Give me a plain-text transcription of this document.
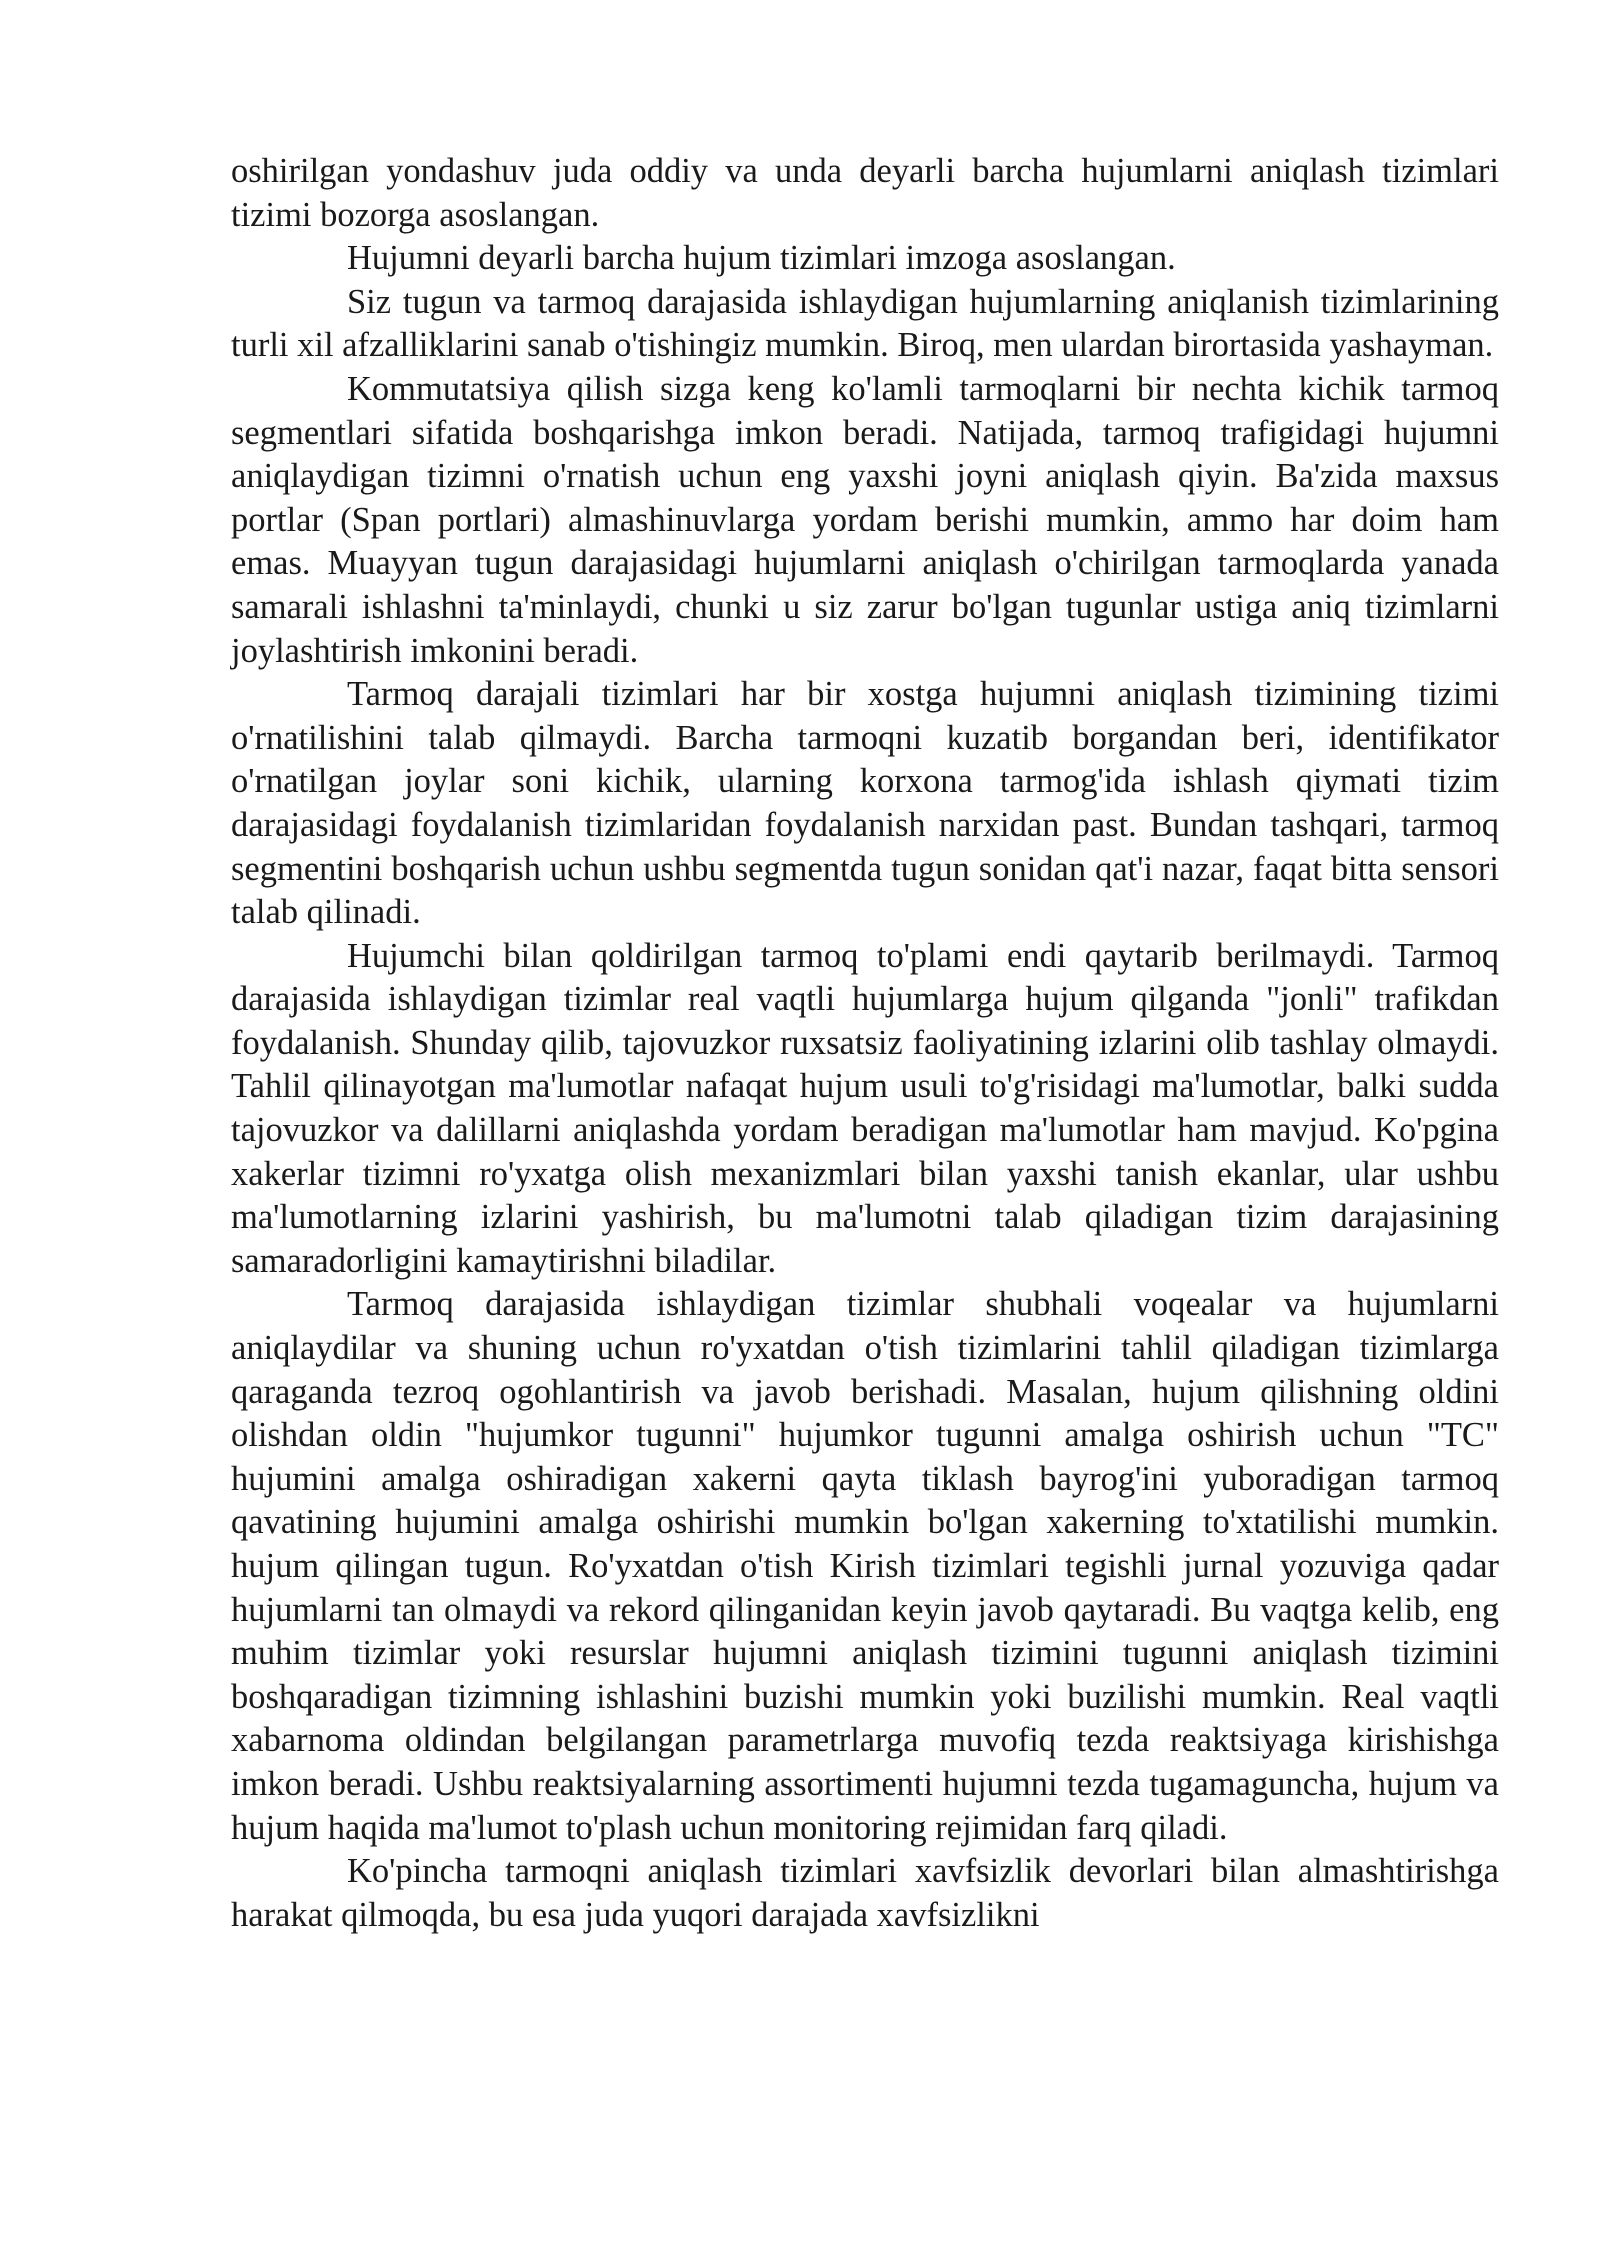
oshirilgan yondashuv juda oddiy va unda deyarli barcha hujumlarni aniqlash tizimlari tizimi bozorga asoslangan.

Hujumni deyarli barcha hujum tizimlari imzoga asoslangan.

Siz tugun va tarmoq darajasida ishlaydigan hujumlarning aniqlanish tizimlarining turli xil afzalliklarini sanab o'tishingiz mumkin. Biroq, men ulardan birortasida yashayman.

Kommutatsiya qilish sizga keng ko'lamli tarmoqlarni bir nechta kichik tarmoq segmentlari sifatida boshqarishga imkon beradi. Natijada, tarmoq trafigidagi hujumni aniqlaydigan tizimni o'rnatish uchun eng yaxshi joyni aniqlash qiyin. Ba'zida maxsus portlar (Span portlari) almashinuvlarga yordam berishi mumkin, ammo har doim ham emas. Muayyan tugun darajasidagi hujumlarni aniqlash o'chirilgan tarmoqlarda yanada samarali ishlashni ta'minlaydi, chunki u siz zarur bo'lgan tugunlar ustiga aniq tizimlarni joylashtirish imkonini beradi.

Tarmoq darajali tizimlari har bir xostga hujumni aniqlash tizimining tizimi o'rnatilishini talab qilmaydi. Barcha tarmoqni kuzatib borgandan beri, identifikator o'rnatilgan joylar soni kichik, ularning korxona tarmog'ida ishlash qiymati tizim darajasidagi foydalanish tizimlaridan foydalanish narxidan past. Bundan tashqari, tarmoq segmentini boshqarish uchun ushbu segmentda tugun sonidan qat'i nazar, faqat bitta sensori talab qilinadi.

Hujumchi bilan qoldirilgan tarmoq to'plami endi qaytarib berilmaydi. Tarmoq darajasida ishlaydigan tizimlar real vaqtli hujumlarga hujum qilganda "jonli" trafikdan foydalanish. Shunday qilib, tajovuzkor ruxsatsiz faoliyatining izlarini olib tashlay olmaydi. Tahlil qilinayotgan ma'lumotlar nafaqat hujum usuli to'g'risidagi ma'lumotlar, balki sudda tajovuzkor va dalillarni aniqlashda yordam beradigan ma'lumotlar ham mavjud. Ko'pgina xakerlar tizimni ro'yxatga olish mexanizmlari bilan yaxshi tanish ekanlar, ular ushbu ma'lumotlarning izlarini yashirish, bu ma'lumotni talab qiladigan tizim darajasining samaradorligini kamaytirishni biladilar.

Tarmoq darajasida ishlaydigan tizimlar shubhali voqealar va hujumlarni aniqlaydilar va shuning uchun ro'yxatdan o'tish tizimlarini tahlil qiladigan tizimlarga qaraganda tezroq ogohlantirish va javob berishadi. Masalan, hujum qilishning oldini olishdan oldin "hujumkor tugunni" hujumkor tugunni amalga oshirish uchun "TC" hujumini amalga oshiradigan xakerni qayta tiklash bayrog'ini yuboradigan tarmoq qavatining hujumini amalga oshirishi mumkin bo'lgan xakerning to'xtatilishi mumkin. hujum qilingan tugun. Ro'yxatdan o'tish Kirish tizimlari tegishli jurnal yozuviga qadar hujumlarni tan olmaydi va rekord qilinganidan keyin javob qaytaradi. Bu vaqtga kelib, eng muhim tizimlar yoki resurslar hujumni aniqlash tizimini tugunni aniqlash tizimini boshqaradigan tizimning ishlashini buzishi mumkin yoki buzilishi mumkin. Real vaqtli xabarnoma oldindan belgilangan parametrlarga muvofiq tezda reaktsiyaga kirishishga imkon beradi. Ushbu reaktsiyalarning assortimenti hujumni tezda tugamaguncha, hujum va hujum haqida ma'lumot to'plash uchun monitoring rejimidan farq qiladi.

Ko'pincha tarmoqni aniqlash tizimlari xavfsizlik devorlari bilan almashtirishga harakat qilmoqda, bu esa juda yuqori darajada xavfsizlikni
